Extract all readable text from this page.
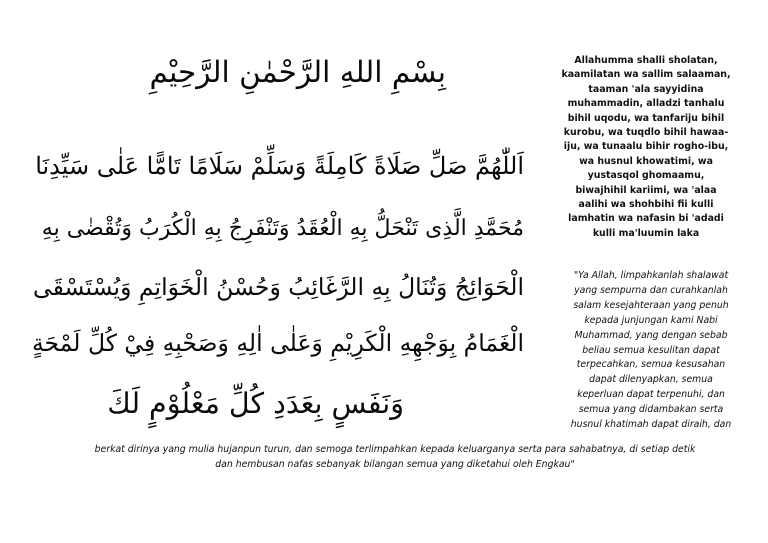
بِسْمِ اللهِ الرَّحْمٰنِ الرَّحِيْمِ
اَللّٰهُمَّ صَلِّ صَلَاةً كَامِلَةً وَسَلِّمْ سَلَامًا تَامًّا عَلٰى سَيِّدِنَا
مُحَمَّدِ الَّذِى تَنْحَلُّ بِهِ الْعُقَدُ وَتَنْفَرِجُ بِهِ الْكُرَبُ وَتُقْضٰى بِهِ
الْحَوَائِجُ وَتُنَالُ بِهِ الرَّغَائِبُ وَحُسْنُ الْخَوَاتِمِ وَيُسْتَسْقَى
الْغَمَامُ بِوَجْهِهِ الْكَرِيْمِ وَعَلٰى اٰلِهِ وَصَحْبِهِ فِيْ كُلِّ لَمْحَةٍ
وَنَفَسٍ بِعَدَدِ كُلِّ مَعْلُوْمٍ لَكَ
Allahumma shalli sholatan,
kaamilatan wa sallim salaaman,
taaman 'ala sayyidina
muhammadin, alladzi tanhalu
bihil uqodu, wa tanfariju bihil
kurobu, wa tuqdlo bihil hawaa-
iju, wa tunaalu bihir rogho-ibu,
wa husnul khowatimi, wa
yustasqol ghomaamu,
biwajhihil kariimi, wa 'alaa
aalihi wa shohbihi fii kulli
lamhatin wa nafasin bi 'adadi
kulli ma'luumin laka
"Ya Allah, limpahkanlah shalawat
yang sempurna dan curahkanlah
salam kesejahteraan yang penuh
kepada junjungan kami Nabi
Muhammad, yang dengan sebab
beliau semua kesulitan dapat
terpecahkan, semua kesusahan
dapat dilenyapkan, semua
keperluan dapat terpenuhi, dan
semua yang didambakan serta
husnul khatimah dapat diraih, dan
berkat dirinya yang mulia hujanpun turun, dan semoga terlimpahkan kepada keluarganya serta para sahabatnya, di setiap detik
dan hembusan nafas sebanyak bilangan semua yang diketahui oleh Engkau"
